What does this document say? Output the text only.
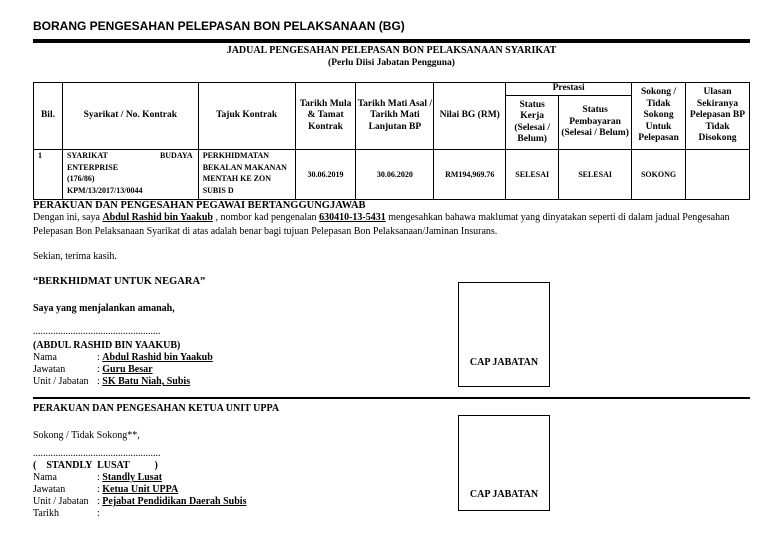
BORANG PENGESAHAN PELEPASAN BON PELAKSANAAN (BG)
JADUAL PENGESAHAN PELEPASAN BON PELAKSANAAN SYARIKAT
(Perlu Diisi Jabatan Pengguna)
Bil.	Syarikat / No. Kontrak	Tajuk Kontrak	Tarikh Mula & Tamat Kontrak	Tarikh Mati Asal / Tarikh Mati Lanjutan BP	Nilai BG (RM)	Prestasi		Sokong / Tidak Sokong Untuk Pelepasan	Ulasan Sekiranya Pelepasan BP Tidak Disokong
						Status Kerja (Selesai / Belum)	Status Pembayaran (Selesai / Belum)		
1	SYARIKAT BUDAYA
ENTERPRISE
(176/86)
KPM/13/2017/13/0044	PERKHIDMATAN BEKALAN MAKANAN MENTAH KE ZON SUBIS D	30.06.2019	30.06.2020	RM194,969.76	SELESAI	SELESAI	SOKONG	
PERAKUAN DAN PENGESAHAN PEGAWAI BERTANGGUNGJAWAB
Dengan ini, saya Abdul Rashid bin Yaakub , nombor kad pengenalan 630410-13-5431 mengesahkan bahawa maklumat yang dinyatakan seperti di dalam jadual Pengesahan Pelepasan Bon Pelaksanaan Syarikat di atas adalah benar bagi tujuan Pelepasan Bon Pelaksanaan/Jaminan Insurans.
Sekian, terima kasih.
“BERKHIDMAT UNTUK NEGARA”
Saya yang menjalankan amanah,
...................................................
(ABDUL RASHID BIN YAAKUB)
Nama	: Abdul Rashid bin Yaakub
Jawatan	: Guru Besar
Unit / Jabatan : SK Batu Niah, Subis
CAP JABATAN
PERAKUAN DAN PENGESAHAN KETUA UNIT UPPA
Sokong / Tidak Sokong**,
...................................................
(    STANDLY  LUSAT          )
Nama	: Standly Lusat
Jawatan	: Ketua Unit UPPA
Unit / Jabatan : Pejabat Pendidikan Daerah Subis
Tarikh	:
CAP JABATAN
